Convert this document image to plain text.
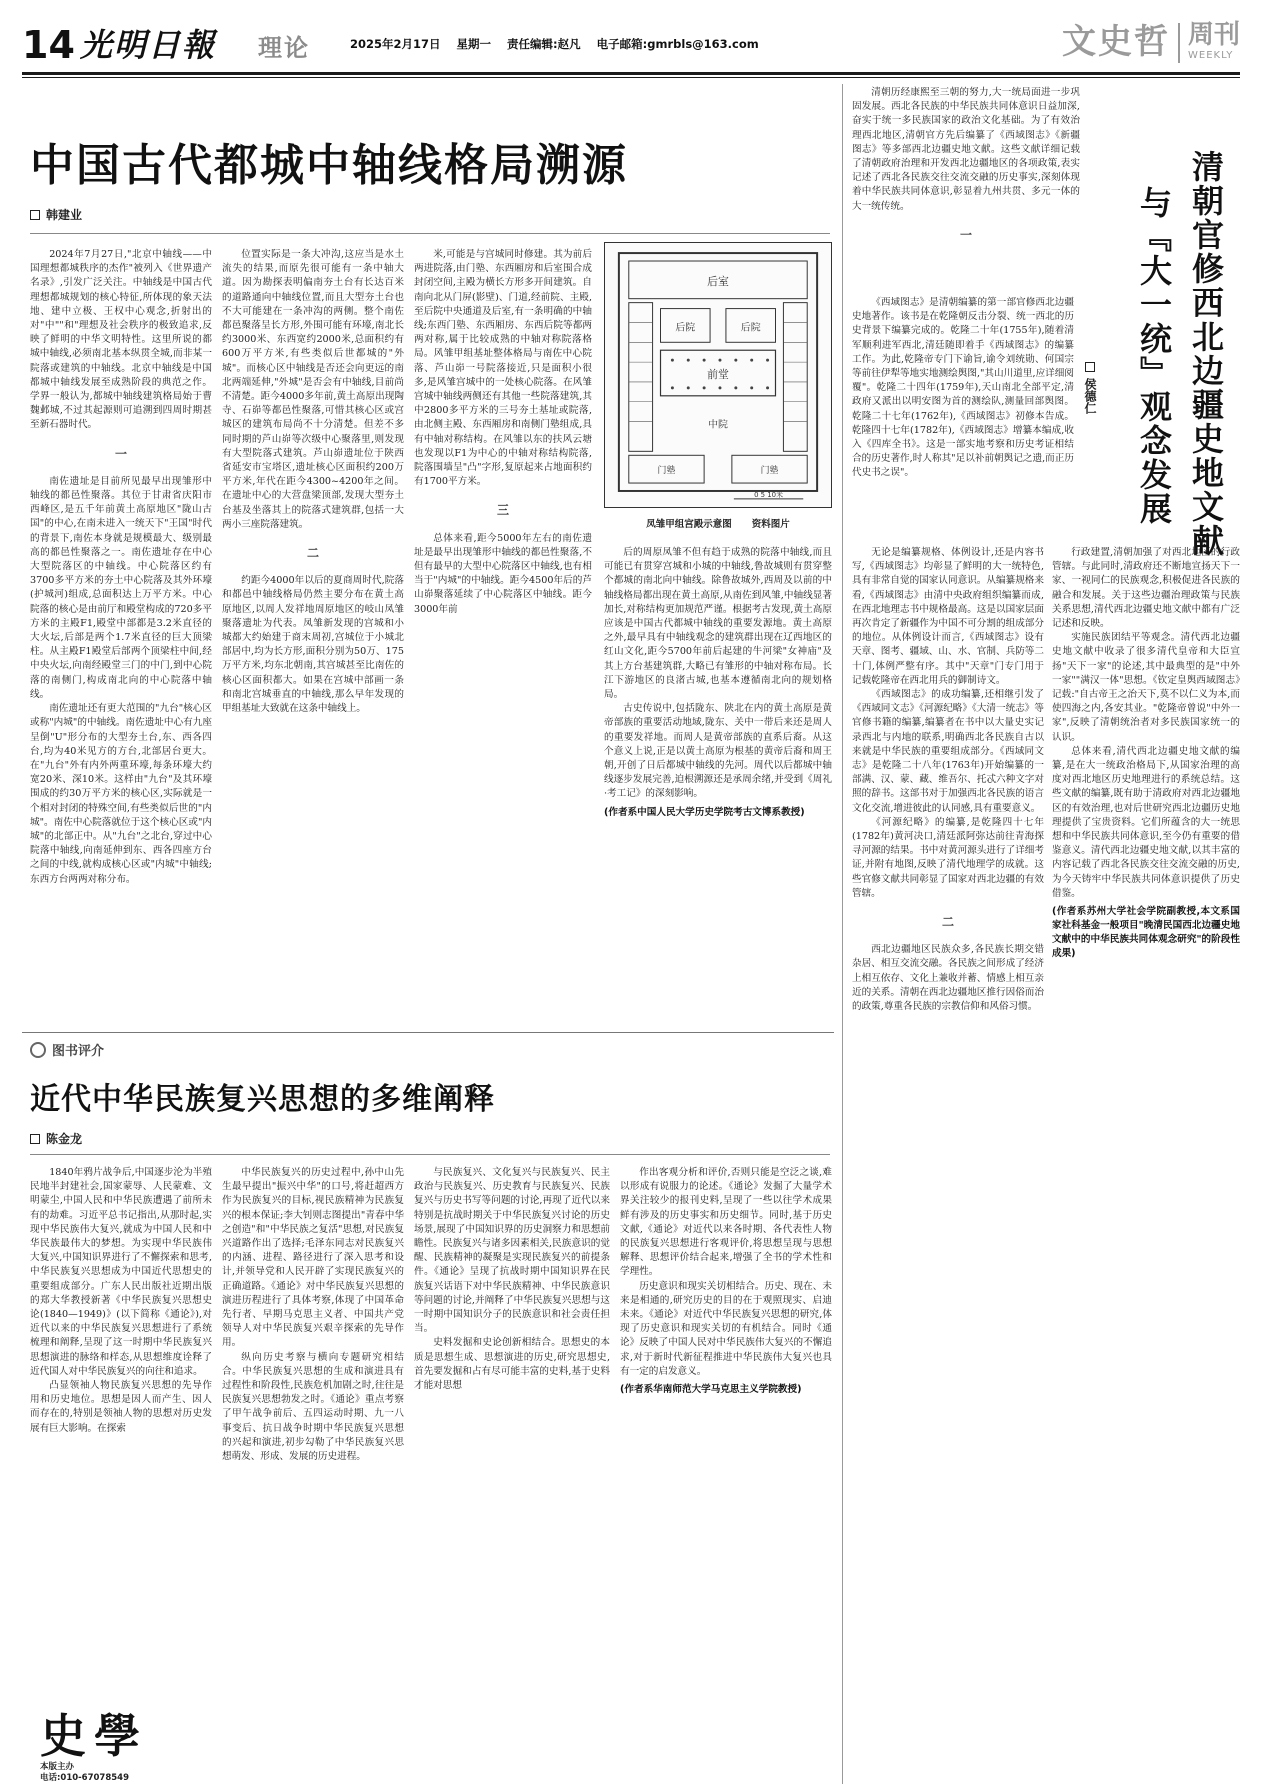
14 光明日報 理论	2025年2月17日 星期一 责任编辑:赵凡 电子邮箱:gmrbls@163.com	文史哲 周刊
WEEKLY
中国古代都城中轴线格局溯源
韩建业

2024年7月27日,"北京中轴线——中国理想都城秩序的杰作"被列入《世界遗产名录》,引发广泛关注。中轴线是中国古代理想都城规划的核心特征,所体现的象天法地、建中立极、王权中心观念,折射出的对"中""和"理想及社会秩序的极致追求,反映了鲜明的中华文明特性。这里所说的都城中轴线,必须南北基本纵贯全城,而非某一院落或建筑的中轴线。北京中轴线是中国都城中轴线发展至成熟阶段的典范之作。学界一般认为,都城中轴线建筑格局始于曹魏邺城,不过其起源则可追溯到四周时期甚至新石器时代。

一

南佐遗址是目前所见最早出现雏形中轴线的都邑性聚落。其位于甘肃省庆阳市西峰区,是五千年前黄土高原地区"陇山古国"的中心,在南未进入一统天下"王国"时代的背景下,南佐本身就是规模最大、级别最高的都邑性聚落之一。南佐遗址存在中心大型院落区的中轴线。中心院落区约有3700多平方米的夯土中心院落及其外环壕(护城河)组成,总面积达上万平方米。中心院落的核心是由前厅和殿堂构成的720多平方米的主殿F1,殿堂中部都是3.2米直径的大火坛,后部是两个1.7米直径的巨大顶梁柱。从主殿F1殿堂后部两个顶梁柱中间,经中央火坛,向南经殿堂三门的中门,到中心院落的南侧门,构成南北向的中心院落中轴线。

南佐遗址还有更大范围的"九台"核心区或称"内城"的中轴线。南佐遗址中心有九座呈倒"U"形分布的大型夯土台,东、西各四台,均为40米见方的方台,北部居台更大。在"九台"外有内外两重环壕,每条环壕大约宽20米、深10米。这样由"九台"及其环壕围成的约30万平方米的核心区,实际就是一个相对封闭的特殊空间,有些类似后世的"内城"。南佐中心院落就位于这个核心区或"内城"的北部正中。从"九台"之北台,穿过中心院落中轴线,向南延伸到东、西各四座方台之间的中线,就构成核心区或"内城"中轴线;东西方台两两对称分布。

位置实际是一条大冲沟,这应当是水土流失的结果,而原先很可能有一条中轴大道。因为勘探表明偏南夯土台有长达百米的道路通向中轴线位置,而且大型夯土台也不大可能建在一条冲沟的两侧。整个南佐都邑聚落呈长方形,外围可能有环壕,南北长约3000米、东西宽约2000米,总面积约有600万平方米,有些类似后世都城的"外城"。而核心区中轴线是否还会向更远的南北两端延伸,"外城"是否会有中轴线,目前尚不清楚。距今4000多年前,黄土高原出现陶寺、石峁等都邑性聚落,可惜其核心区或宫城区的建筑布局尚不十分清楚。但差不多同时期的芦山峁等次级中心聚落里,则发现有大型院落式建筑。芦山峁遗址位于陕西省延安市宝塔区,遗址核心区面积约200万平方米,年代在距今4300~4200年之间。在遗址中心的大营盘梁顶部,发现大型夯土台基及坐落其上的院落式建筑群,包括一大两小三座院落建筑。

二

约距今4000年以后的夏商周时代,院落和都邑中轴线格局仍然主要分布在黄土高原地区,以周人发祥地周原地区的岐山凤雏聚落遗址为代表。凤雏新发现的宫城和小城都大约始建于商末周初,宫城位于小城北部居中,均为长方形,面积分别为50万、175万平方米,均东北朝南,其宫城甚至比南佐的核心区面积都大。如果在宫城中部画一条和南北宫城垂直的中轴线,那么早年发现的甲组基址大致就在这条中轴线上。

米,可能是与宫城同时修建。其为前后两进院落,由门塾、东西厢房和后室围合成封闭空间,主殿为横长方形多开间建筑。自南向北从门屏(影壁)、门道,经前院、主殿,至后院中央通道及后室,有一条明确的中轴线;东西门塾、东西厢房、东西后院等都两两对称,属于比较成熟的中轴对称院落格局。风雏甲组基址整体格局与南佐中心院落、芦山峁一号院落接近,只是面积小很多,是风雏宫城中的一处核心院落。在风雏宫城中轴线两侧还有其他一些院落建筑,其中2800多平方米的三号夯土基址或院落,由北侧主殿、东西厢房和南侧门塾组成,具有中轴对称结构。在风雏以东的扶风云塘也发现以F1为中心的中轴对称结构院落,院落围墙呈"凸"字形,复原起来占地面积约有1700平方米。

三

总体来看,距今5000年左右的南佐遗址是最早出现雏形中轴线的都邑性聚落,不但有最早的大型中心院落区中轴线,也有相当于"内城"的中轴线。距今4500年后的芦山峁聚落延续了中心院落区中轴线。距今3000年前

后室
后院	后院
前堂
中院
门塾	门塾
0 5 10米
凤雏甲组宫殿示意图 资料图片

后的周原凤雏不但有趋于成熟的院落中轴线,而且可能已有贯穿宫城和小城的中轴线,鲁故城则有贯穿整个都城的南北向中轴线。除鲁故城外,西周及以前的中轴线格局都出现在黄土高原,从南佐到风雏,中轴线显著加长,对称结构更加规范严谨。根据考古发现,黄土高原应该是中国古代都城中轴线的重要发源地。黄土高原之外,最早具有中轴线观念的建筑群出现在辽西地区的红山文化,距今5700年前后起建的牛河梁"女神庙"及其上方台基建筑群,大略已有雏形的中轴对称布局。长江下游地区的良渚古城,也基本遵循南北向的规划格局。

古史传说中,包括陇东、陕北在内的黄土高原是黄帝部族的重要活动地域,陇东、关中一带后来还是周人的重要发祥地。而周人是黄帝部族的直系后裔。从这个意义上说,正是以黄土高原为根基的黄帝后裔和周王朝,开创了日后都城中轴线的先河。周代以后都城中轴线逐步发展完善,迫根溯源还是承周余绪,并受到《周礼·考工记》的深刻影响。

(作者系中国人民大学历史学院考古文博系教授)

清朝历经康熙至三朝的努力,大一统局面进一步巩固发展。西北各民族的中华民族共同体意识日益加深,奋实于统一多民族国家的政治文化基础。为了有效治理西北地区,清朝官方先后编纂了《西域图志》《新疆图志》等多部西北边疆史地文献。这些文献详细记载了清朝政府治理和开发西北边疆地区的各项政策,表实记述了西北各民族交往交流交融的历史事实,深刻体现着中华民族共同体意识,彰显着九州共贯、多元一体的大一统传统。

一	清朝官修西北边疆史地文献
与『大一统』观念发展
侯德仁

《西域图志》是清朝编纂的第一部官修西北边疆史地著作。该书是在乾隆朝反击分裂、统一西北的历史背景下编纂完成的。乾隆二十年(1755年),随着清军顺利进军西北,清廷随即着手《西域图志》的编纂工作。为此,乾隆帝专门下谕旨,谕令刘统勋、何国宗等前往伊犁等地实地测绘舆图,"其山川道里,应详细阅覆"。乾隆二十四年(1759年),天山南北全部平定,清政府又派出以明安图为首的测绘队,测量回部舆图。乾隆二十七年(1762年),《西域图志》初修本告成。乾隆四十七年(1782年),《西域图志》增纂本编成,收入《四库全书》。这是一部实地考察和历史考证相结合的历史著作,时人称其"足以补前朝舆记之遗,而正历代史书之误"。

无论是编纂规格、体例设计,还是内容书写,《西域图志》均彰显了鲜明的大一统特色,具有非常自觉的国家认同意识。从编纂规格来看,《西域图志》由清中央政府组织编纂而成,在西北地理志书中规格最高。这是以国家层面再次肯定了新疆作为中国不可分割的组成部分的地位。从体例设计而言,《西域图志》设有天章、图考、疆域、山、水、官制、兵防等二十门,体例严整有序。其中"天章"门专门用于记载乾隆帝在西北用兵的御制诗文。

《西域图志》的成功编纂,还相继引发了《西域同文志》《河源纪略》《大清一统志》等官修书籍的编纂,编纂者在书中以大量史实记录西北与内地的联系,明确西北各民族自古以来就是中华民族的重要组成部分。《西域同文志》是乾隆二十八年(1763年)开始编纂的一部满、汉、蒙、藏、维吾尔、托忒六种文字对照的辞书。这部书对于加强西北各民族的语言文化交流,增进彼此的认同感,具有重要意义。

《河源纪略》的编纂,是乾隆四十七年(1782年)黄河决口,清廷派阿弥达前往青海探寻河源的结果。书中对黄河源头进行了详细考证,并附有地图,反映了清代地理学的成就。这些官修文献共同彰显了国家对西北边疆的有效管辖。

二

西北边疆地区民族众多,各民族长期交错杂居、相互交流交融。各民族之间形成了经济上相互依存、文化上兼收并蓄、情感上相互亲近的关系。清朝在西北边疆地区推行因俗而治的政策,尊重各民族的宗教信仰和风俗习惯。

行政建置,清朝加强了对西北地区的行政管辖。与此同时,清政府还不断地宣扬天下一家、一视同仁的民族观念,积极促进各民族的融合和发展。关于这些边疆治理政策与民族关系思想,清代西北边疆史地文献中都有广泛记述和反映。

实施民族团结平等观念。清代西北边疆史地文献中收录了很多清代皇帝和大臣宣扬"天下一家"的论述,其中最典型的是"中外一家""满汉一体"思想。《钦定皇舆西域图志》记载:"自古帝王之治天下,莫不以仁义为本,而使四海之内,各安其业。"乾隆帝曾说"中外一家",反映了清朝统治者对多民族国家统一的认识。

总体来看,清代西北边疆史地文献的编纂,是在大一统政治格局下,从国家治理的高度对西北地区历史地理进行的系统总结。这些文献的编纂,既有助于清政府对西北边疆地区的有效治理,也对后世研究西北边疆历史地理提供了宝贵资料。它们所蕴含的大一统思想和中华民族共同体意识,至今仍有重要的借鉴意义。清代西北边疆史地文献,以其丰富的内容记载了西北各民族交往交流交融的历史,为今天铸牢中华民族共同体意识提供了历史借鉴。

(作者系苏州大学社会学院副教授,本文系国家社科基金一般项目"晚清民国西北边疆史地文献中的中华民族共同体观念研究"的阶段性成果)
图书评介
近代中华民族复兴思想的多维阐释
陈金龙

1840年鸦片战争后,中国逐步沦为半殖民地半封建社会,国家蒙辱、人民蒙难、文明蒙尘,中国人民和中华民族遭遇了前所未有的劫难。习近平总书记指出,从那时起,实现中华民族伟大复兴,就成为中国人民和中华民族最伟大的梦想。为实现中华民族伟大复兴,中国知识界进行了不懈探索和思考,中华民族复兴思想成为中国近代思想史的重要组成部分。广东人民出版社近期出版的郑大华教授新著《中华民族复兴思想史论(1840—1949)》(以下简称《通论》),对近代以来的中华民族复兴思想进行了系统梳理和阐释,呈现了这一时期中华民族复兴思想演进的脉络和样态,从思想维度诠释了近代国人对中华民族复兴的向往和追求。

凸显领袖人物民族复兴思想的先导作用和历史地位。思想是因人而产生、因人而存在的,特别是领袖人物的思想对历史发展有巨大影响。在探索

史學
本版主办
电话:010-67078549

中华民族复兴的历史过程中,孙中山先生最早提出"振兴中华"的口号,将赶超西方作为民族复兴的目标,视民族精神为民族复兴的根本保证;李大钊则志图提出"青春中华之创造"和"中华民族之复活"思想,对民族复兴道路作出了选择;毛泽东同志对民族复兴的内涵、进程、路径进行了深入思考和设计,并领导党和人民开辟了实现民族复兴的正确道路。《通论》对中华民族复兴思想的演进历程进行了具体考察,体现了中国革命先行者、早期马克思主义者、中国共产党领导人对中华民族复兴艰辛探索的先导作用。

纵向历史考察与横向专题研究相结合。中华民族复兴思想的生成和演进具有过程性和阶段性,民族危机加剧之时,往往是民族复兴思想勃发之时。《通论》重点考察了甲午战争前后、五四运动时期、九一八事变后、抗日战争时期中华民族复兴思想的兴起和演进,初步勾勒了中华民族复兴思想萌发、形成、发展的历史进程。

与民族复兴、文化复兴与民族复兴、民主政治与民族复兴、历史教育与民族复兴、民族复兴与历史书写等问题的讨论,再现了近代以来特别是抗战时期关于中华民族复兴讨论的历史场景,展现了中国知识界的历史洞察力和思想前瞻性。民族复兴与诸多因素相关,民族意识的觉醒、民族精神的凝聚是实现民族复兴的前提条件。《通论》呈现了抗战时期中国知识界在民族复兴话语下对中华民族精神、中华民族意识等问题的讨论,并阐释了中华民族复兴思想与这一时期中国知识分子的民族意识和社会责任担当。

史料发掘和史论创新相结合。思想史的本质是思想生成、思想演进的历史,研究思想史,首先要发掘和占有尽可能丰富的史料,基于史料才能对思想

作出客观分析和评价,否则只能是空泛之谈,难以形成有说服力的论述。《通论》发掘了大量学术界关注较少的报刊史料,呈现了一些以往学术成果鲜有涉及的历史事实和历史细节。同时,基于历史文献,《通论》对近代以来各时期、各代表性人物的民族复兴思想进行客观评价,将思想呈现与思想解释、思想评价结合起来,增强了全书的学术性和学理性。

历史意识和现实关切相结合。历史、现在、未来是相通的,研究历史的目的在于观照现实、启迪未来。《通论》对近代中华民族复兴思想的研究,体现了历史意识和现实关切的有机结合。同时《通论》反映了中国人民对中华民族伟大复兴的不懈追求,对于新时代新征程推进中华民族伟大复兴也具有一定的启发意义。

(作者系华南师范大学马克思主义学院教授)
